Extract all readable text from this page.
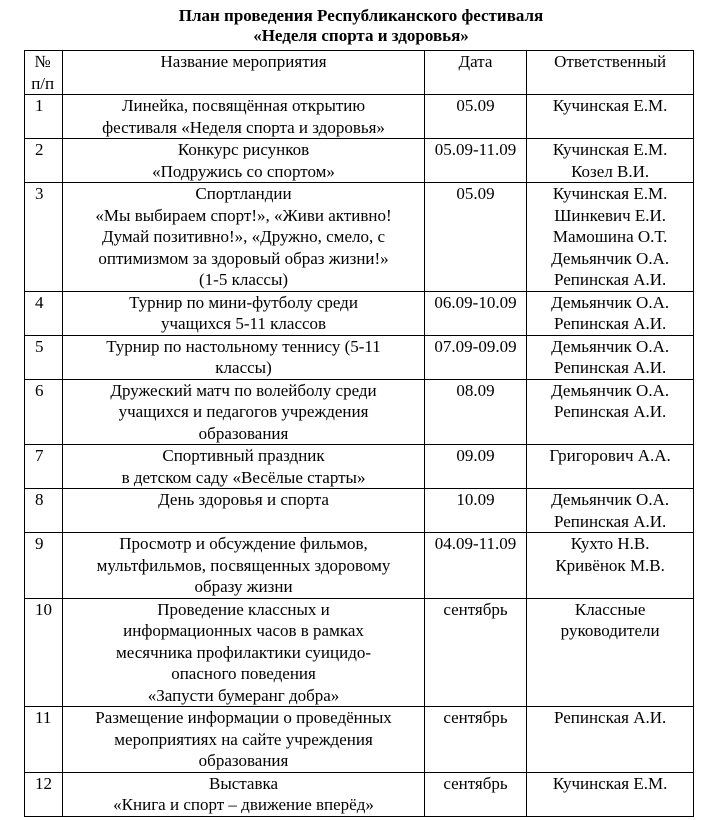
План проведения Республиканского фестиваля
«Неделя спорта и здоровья»
№
п/п	Название мероприятия	Дата	Ответственный
1	Линейка, посвящённая открытию
фестиваля «Неделя спорта и здоровья»	05.09	Кучинская Е.М.

2	Конкурс рисунков
«Подружись со спортом»	05.09-11.09	Кучинская Е.М.
Козел В.И.

3	Спортландии
«Мы выбираем спорт!», «Живи активно!
Думай позитивно!», «Дружно, смело, с
оптимизмом за здоровый образ жизни!»
(1-5 классы)	05.09	Кучинская Е.М.
Шинкевич Е.И.
Мамошина О.Т.
Демьянчик О.А.
Репинская А.И.

4	Турнир по мини-футболу среди
учащихся 5-11 классов	06.09-10.09	Демьянчик О.А.
Репинская А.И.

5	Турнир по настольному теннису (5-11
классы)	07.09-09.09	Демьянчик О.А.
Репинская А.И.

6	Дружеский матч по волейболу среди
учащихся и педагогов учреждения
образования	08.09	Демьянчик О.А.
Репинская А.И.

7	Спортивный праздник
в детском саду «Весёлые старты»	09.09	Григорович А.А.

8	День здоровья и спорта	10.09	Демьянчик О.А.
Репинская А.И.

9	Просмотр и обсуждение фильмов,
мультфильмов, посвященных здоровому
образу жизни	04.09-11.09	Кухто Н.В.
Кривёнок М.В.

10	Проведение классных и
информационных часов в рамках
месячника профилактики суицидо-
опасного поведения
«Запусти бумеранг добра»	сентябрь	Классные
руководители

11	Размещение информации о проведённых
мероприятиях на сайте учреждения
образования	сентябрь	Репинская А.И.

12	Выставка
«Книга и спорт – движение вперёд»	сентябрь	Кучинская Е.М.
